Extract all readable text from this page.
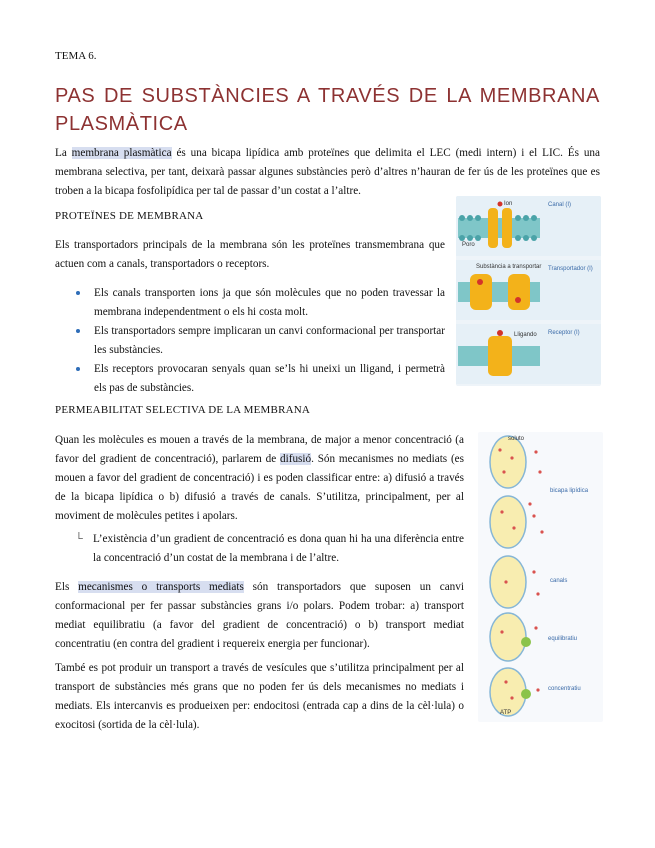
TEMA 6.
PAS DE SUBSTÀNCIES A TRAVÉS DE LA MEMBRANA PLASMÀTICA
La membrana plasmàtica és una bicapa lipídica amb proteïnes que delimita el LEC (medi intern) i el LIC. És una membrana selectiva, per tant, deixarà passar algunes substàncies però d’altres n’hauran de fer ús de les proteïnes que es troben a la bicapa fosfolipídica per tal de passar d’un costat a l’altre.
PROTEÏNES DE MEMBRANA
Els transportadors principals de la membrana són les proteïnes transmembrana que actuen com a canals, transportadors o receptors.
Els canals transporten ions ja que són molècules que no poden travessar la membrana independentment o els hi costa molt.
Els transportadors sempre implicaran un canvi conformacional per transportar les substàncies.
Els receptors provocaran senyals quan se’ls hi uneixi un lligand, i permetrà els pas de substàncies.
Ion
Poro
Canal (I)
Substància a transportar Transportador (I)
Lligando Receptor (I)
PERMEABILITAT SELECTIVA DE LA MEMBRANA
Quan les molècules es mouen a través de la membrana, de major a menor concentració (a favor del gradient de concentració), parlarem de difusió. Són mecanismes no mediats (es mouen a favor del gradient de concentració) i es poden classificar entre: a) difusió a través de la bicapa lipídica o b) difusió a través de canals. S’utilitza, principalment, per al moviment de molècules petites i apolars.
└ L’existència d’un gradient de concentració es dona quan hi ha una diferència entre la concentració d’un costat de la membrana i de l’altre.
Els mecanismes o transports mediats són transportadors que suposen un canvi conformacional per fer passar substàncies grans i/o polars. Podem trobar: a) transport mediat equilibratiu (a favor del gradient de concentració) o b) transport mediat concentratiu (en contra del gradient i requereix energia per funcionar).
També es pot produir un transport a través de vesícules que s’utilitza principalment per al transport de substàncies més grans que no poden fer ús dels mecanismes no mediats i mediats. Els intercanvis es produeixen per: endocitosi (entrada cap a dins de la cèl·lula) o exocitosi (sortida de la cèl·lula).
soluto
ATP
bicapa lipídica
canals
equilibratiu
concentratiu
